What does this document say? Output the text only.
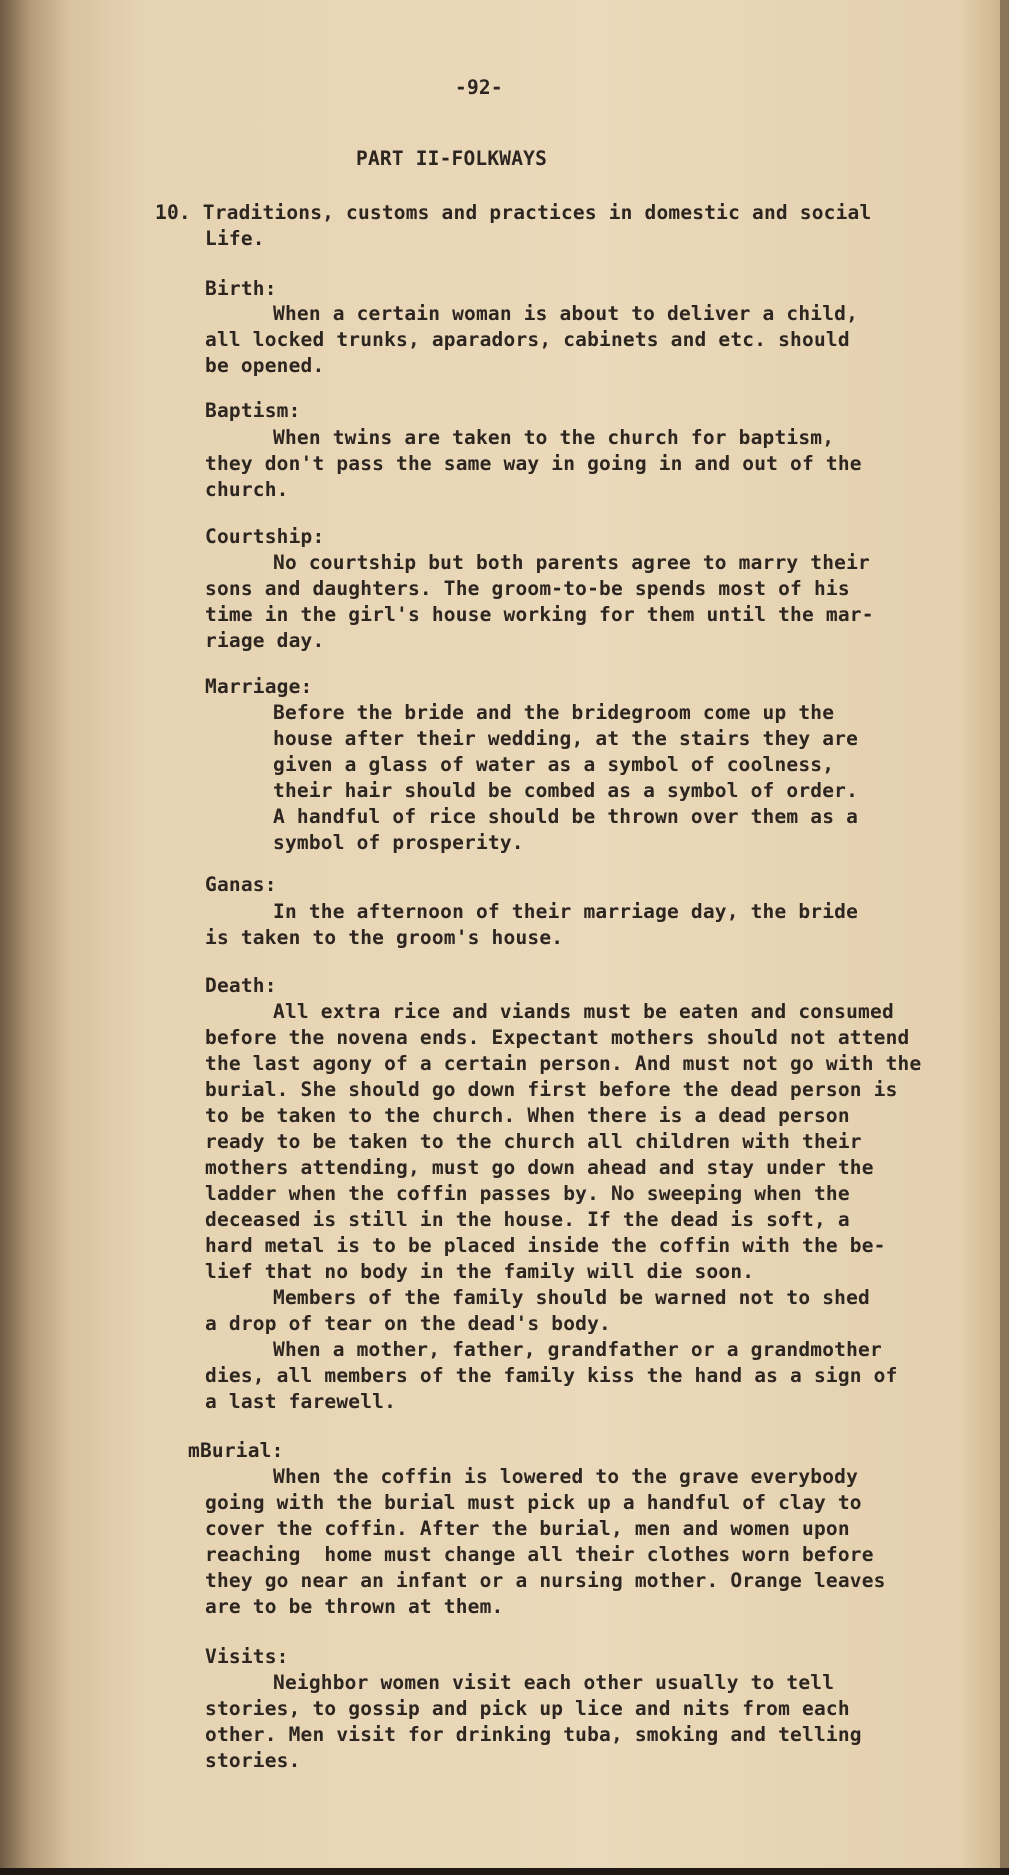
-92-
PART II-FOLKWAYS
10. Traditions, customs and practices in domestic and social
Life.
Birth:
When a certain woman is about to deliver a child,
all locked trunks, aparadors, cabinets and etc. should
be opened.
Baptism:
When twins are taken to the church for baptism,
they don't pass the same way in going in and out of the
church.
Courtship:
No courtship but both parents agree to marry their
sons and daughters. The groom-to-be spends most of his
time in the girl's house working for them until the mar-
riage day.
Marriage:
Before the bride and the bridegroom come up the
house after their wedding, at the stairs they are
given a glass of water as a symbol of coolness,
their hair should be combed as a symbol of order.
A handful of rice should be thrown over them as a
symbol of prosperity.
Ganas:
In the afternoon of their marriage day, the bride
is taken to the groom's house.
Death:
All extra rice and viands must be eaten and consumed
before the novena ends. Expectant mothers should not attend
the last agony of a certain person. And must not go with the
burial. She should go down first before the dead person is
to be taken to the church. When there is a dead person
ready to be taken to the church all children with their
mothers attending, must go down ahead and stay under the
ladder when the coffin passes by. No sweeping when the
deceased is still in the house. If the dead is soft, a
hard metal is to be placed inside the coffin with the be-
lief that no body in the family will die soon.
Members of the family should be warned not to shed
a drop of tear on the dead's body.
When a mother, father, grandfather or a grandmother
dies, all members of the family kiss the hand as a sign of
a last farewell.
mBurial:
When the coffin is lowered to the grave everybody
going with the burial must pick up a handful of clay to
cover the coffin. After the burial, men and women upon
reaching  home must change all their clothes worn before
they go near an infant or a nursing mother. Orange leaves
are to be thrown at them.
Visits:
Neighbor women visit each other usually to tell
stories, to gossip and pick up lice and nits from each
other. Men visit for drinking tuba, smoking and telling
stories.
